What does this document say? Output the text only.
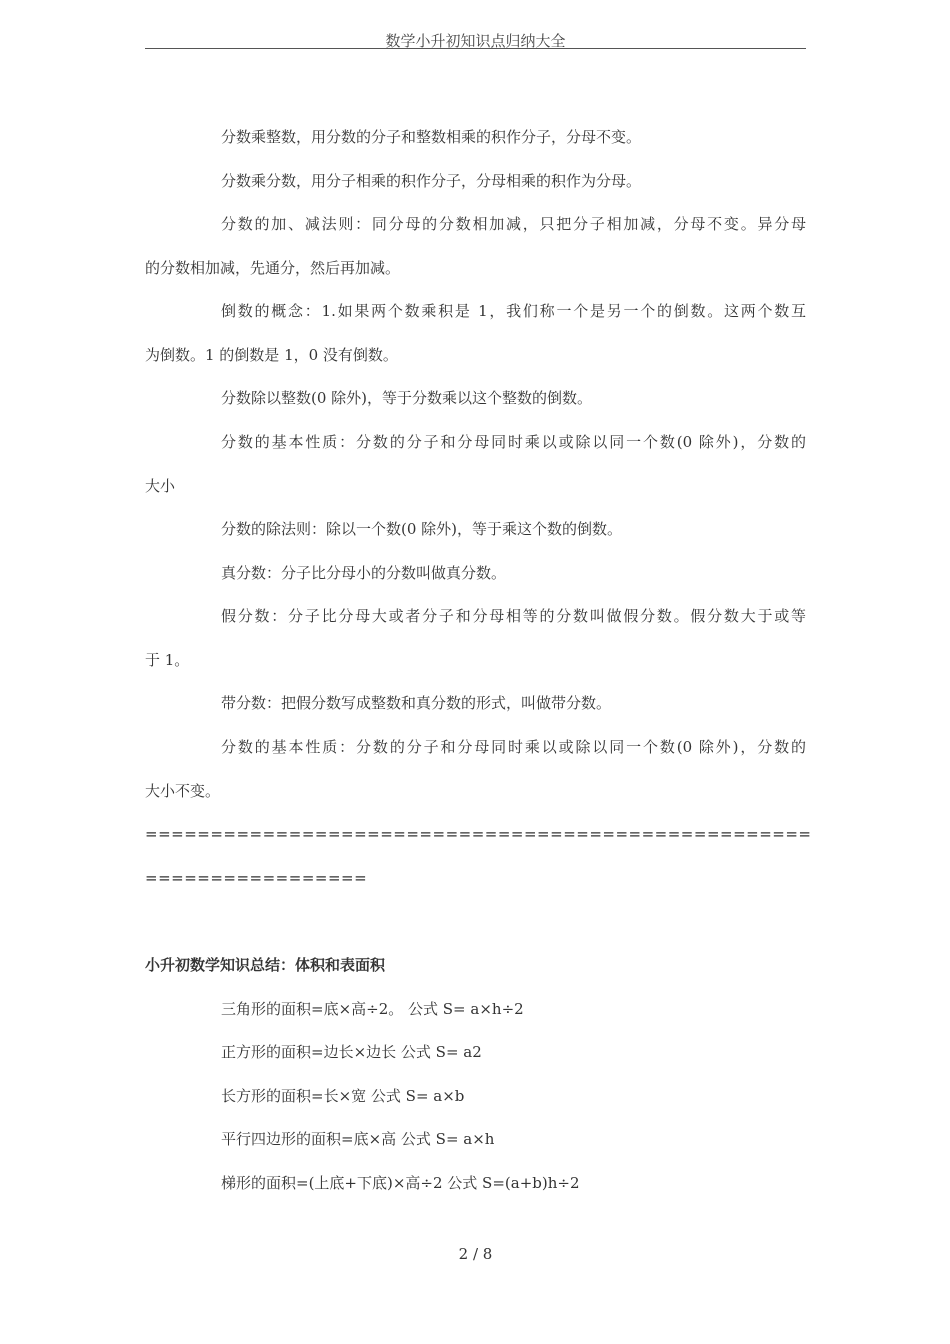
数学小升初知识点归纳大全
分数乘整数，用分数的分子和整数相乘的积作分子，分母不变。
分数乘分数，用分子相乘的积作分子，分母相乘的积作为分母。
分数的加、减法则：同分母的分数相加减，只把分子相加减，分母不变。异分母
的分数相加减，先通分，然后再加减。
倒数的概念：1.如果两个数乘积是 1，我们称一个是另一个的倒数。这两个数互
为倒数。1 的倒数是 1，0 没有倒数。
分数除以整数(0 除外)，等于分数乘以这个整数的倒数。
分数的基本性质：分数的分子和分母同时乘以或除以同一个数(0 除外)，分数的
大小
分数的除法则：除以一个数(0 除外)，等于乘这个数的倒数。
真分数：分子比分母小的分数叫做真分数。
假分数：分子比分母大或者分子和分母相等的分数叫做假分数。假分数大于或等
于 1。
带分数：把假分数写成整数和真分数的形式，叫做带分数。
分数的基本性质：分数的分子和分母同时乘以或除以同一个数(0 除外)，分数的
大小不变。
===================================================
=================
小升初数学知识总结：体积和表面积
三角形的面积=底×高÷2。 公式 S= a×h÷2
正方形的面积=边长×边长 公式 S= a2
长方形的面积=长×宽 公式 S= a×b
平行四边形的面积=底×高 公式 S= a×h
梯形的面积=(上底+下底)×高÷2 公式 S=(a+b)h÷2
2 / 8
